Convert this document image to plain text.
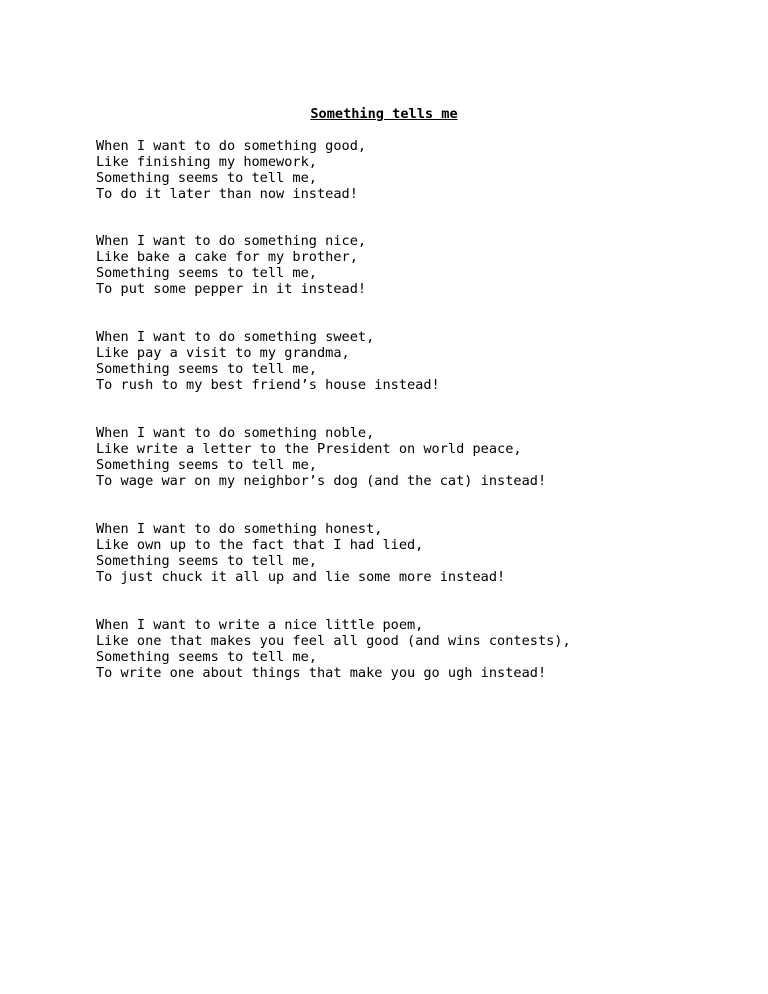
Something tells me
When I want to do something good,
Like finishing my homework,
Something seems to tell me,
To do it later than now instead!
When I want to do something nice,
Like bake a cake for my brother,
Something seems to tell me,
To put some pepper in it instead!
When I want to do something sweet,
Like pay a visit to my grandma,
Something seems to tell me,
To rush to my best friend’s house instead!
When I want to do something noble,
Like write a letter to the President on world peace,
Something seems to tell me,
To wage war on my neighbor’s dog (and the cat) instead!
When I want to do something honest,
Like own up to the fact that I had lied,
Something seems to tell me,
To just chuck it all up and lie some more instead!
When I want to write a nice little poem,
Like one that makes you feel all good (and wins contests),
Something seems to tell me,
To write one about things that make you go ugh instead!
